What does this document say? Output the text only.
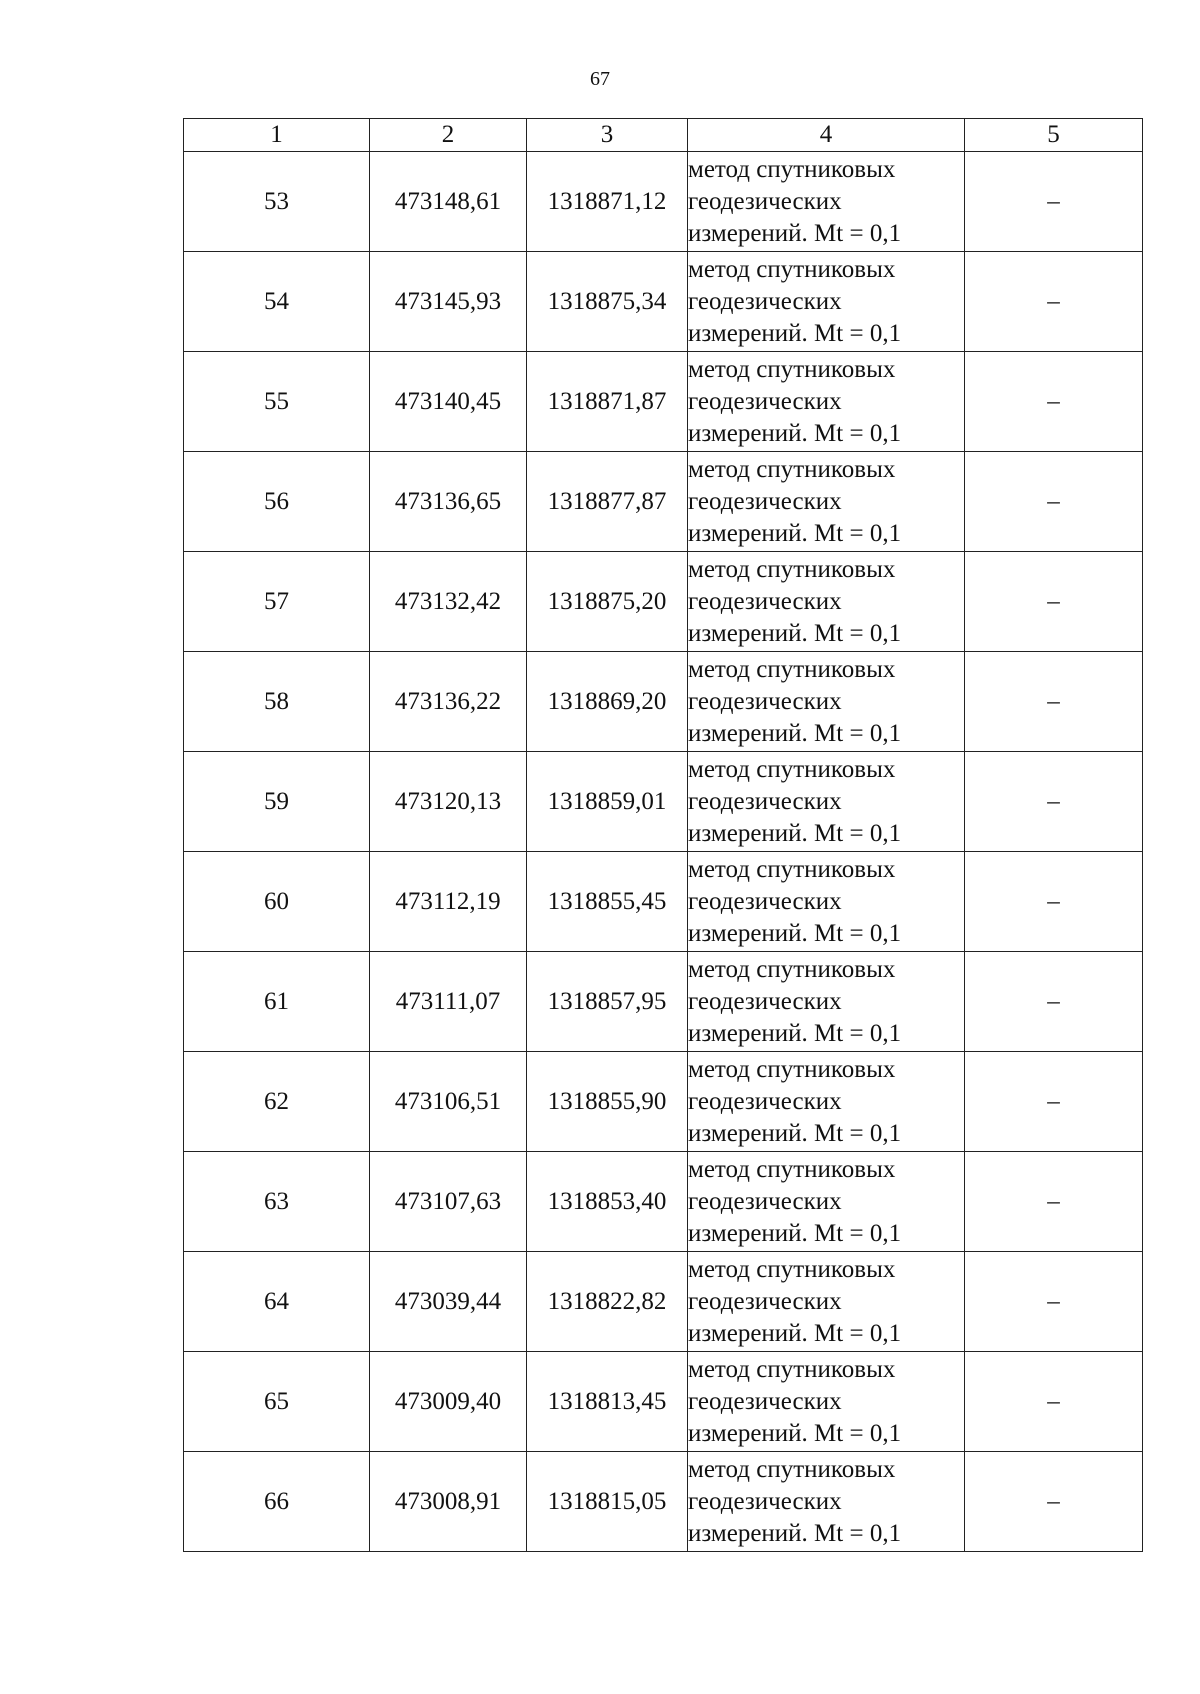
67
1	2	3	4	5
53	473148,61	1318871,12	метод спутниковых
геодезических
измерений. Mt = 0,1	–
54	473145,93	1318875,34	метод спутниковых
геодезических
измерений. Mt = 0,1	–
55	473140,45	1318871,87	метод спутниковых
геодезических
измерений. Mt = 0,1	–
56	473136,65	1318877,87	метод спутниковых
геодезических
измерений. Mt = 0,1	–
57	473132,42	1318875,20	метод спутниковых
геодезических
измерений. Mt = 0,1	–
58	473136,22	1318869,20	метод спутниковых
геодезических
измерений. Mt = 0,1	–
59	473120,13	1318859,01	метод спутниковых
геодезических
измерений. Mt = 0,1	–
60	473112,19	1318855,45	метод спутниковых
геодезических
измерений. Mt = 0,1	–
61	473111,07	1318857,95	метод спутниковых
геодезических
измерений. Mt = 0,1	–
62	473106,51	1318855,90	метод спутниковых
геодезических
измерений. Mt = 0,1	–
63	473107,63	1318853,40	метод спутниковых
геодезических
измерений. Mt = 0,1	–
64	473039,44	1318822,82	метод спутниковых
геодезических
измерений. Mt = 0,1	–
65	473009,40	1318813,45	метод спутниковых
геодезических
измерений. Mt = 0,1	–
66	473008,91	1318815,05	метод спутниковых
геодезических
измерений. Mt = 0,1	–
